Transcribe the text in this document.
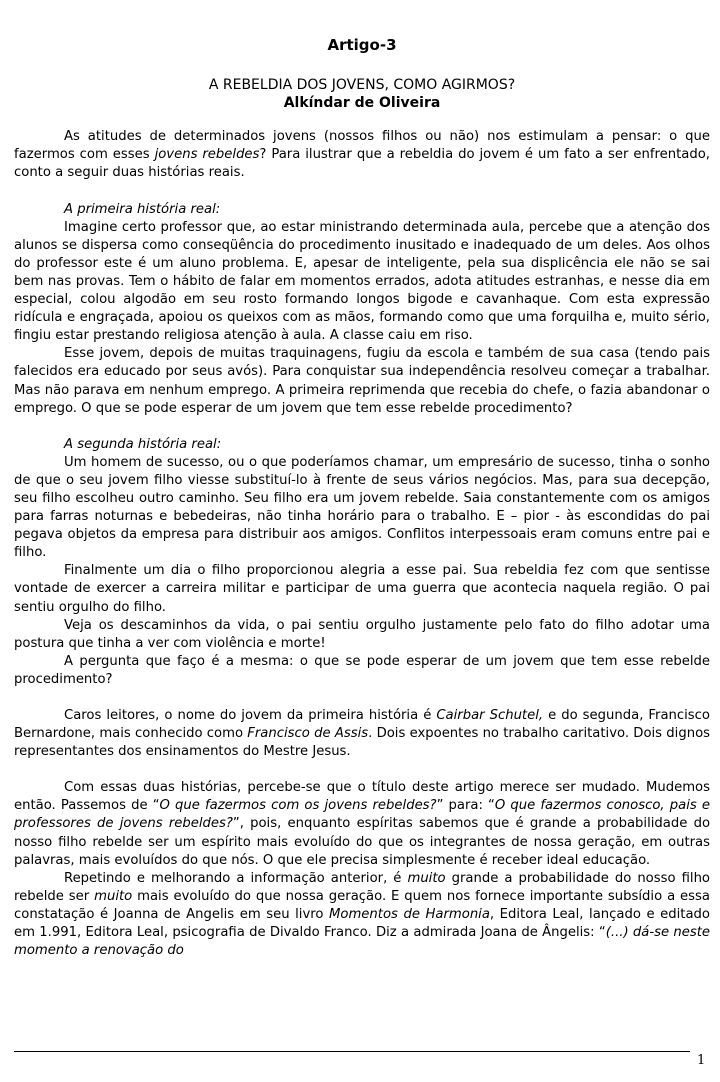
Artigo-3
A REBELDIA DOS JOVENS, COMO AGIRMOS?
Alkíndar de Oliveira

As atitudes de determinados jovens (nossos filhos ou não) nos estimulam a pensar: o que fazermos com esses jovens rebeldes? Para ilustrar que a rebeldia do jovem é um fato a ser enfrentado, conto a seguir duas histórias reais.

A primeira história real:

Imagine certo professor que, ao estar ministrando determinada aula, percebe que a atenção dos alunos se dispersa como conseqüência do procedimento inusitado e inadequado de um deles. Aos olhos do professor este é um aluno problema. E, apesar de inteligente, pela sua displicência ele não se sai bem nas provas. Tem o hábito de falar em momentos errados, adota atitudes estranhas, e nesse dia em especial, colou algodão em seu rosto formando longos bigode e cavanhaque. Com esta expressão ridícula e engraçada, apoiou os queixos com as mãos, formando como que uma forquilha e, muito sério, fingiu estar prestando religiosa atenção à aula. A classe caiu em riso.

Esse jovem, depois de muitas traquinagens, fugiu da escola e também de sua casa (tendo pais falecidos era educado por seus avós). Para conquistar sua independência resolveu começar a trabalhar. Mas não parava em nenhum emprego. A primeira reprimenda que recebia do chefe, o fazia abandonar o emprego. O que se pode esperar de um jovem que tem esse rebelde procedimento?

A segunda história real:

Um homem de sucesso, ou o que poderíamos chamar, um empresário de sucesso, tinha o sonho de que o seu jovem filho viesse substituí-lo à frente de seus vários negócios. Mas, para sua decepção, seu filho escolheu outro caminho. Seu filho era um jovem rebelde. Saia constantemente com os amigos para farras noturnas e bebedeiras, não tinha horário para o trabalho. E – pior - às escondidas do pai pegava objetos da empresa para distribuir aos amigos. Conflitos interpessoais eram comuns entre pai e filho.

Finalmente um dia o filho proporcionou alegria a esse pai. Sua rebeldia fez com que sentisse vontade de exercer a carreira militar e participar de uma guerra que acontecia naquela região. O pai sentiu orgulho do filho.

Veja os descaminhos da vida, o pai sentiu orgulho justamente pelo fato do filho adotar uma postura que tinha a ver com violência e morte!

A pergunta que faço é a mesma: o que se pode esperar de um jovem que tem esse rebelde procedimento?

Caros leitores, o nome do jovem da primeira história é Cairbar Schutel, e do segunda, Francisco Bernardone, mais conhecido como Francisco de Assis. Dois expoentes no trabalho caritativo. Dois dignos representantes dos ensinamentos do Mestre Jesus.

Com essas duas histórias, percebe-se que o título deste artigo merece ser mudado. Mudemos então. Passemos de “O que fazermos com os jovens rebeldes?” para: “O que fazermos conosco, pais e professores de jovens rebeldes?”, pois, enquanto espíritas sabemos que é grande a probabilidade do nosso filho rebelde ser um espírito mais evoluído do que os integrantes de nossa geração, em outras palavras, mais evoluídos do que nós. O que ele precisa simplesmente é receber ideal educação.

Repetindo e melhorando a informação anterior, é muito grande a probabilidade do nosso filho rebelde ser muito mais evoluído do que nossa geração. E quem nos fornece importante subsídio a essa constatação é Joanna de Angelis em seu livro Momentos de Harmonia, Editora Leal, lançado e editado em 1.991, Editora Leal, psicografia de Divaldo Franco. Diz a admirada Joana de Ângelis: “(...) dá-se neste momento a renovação do

1
